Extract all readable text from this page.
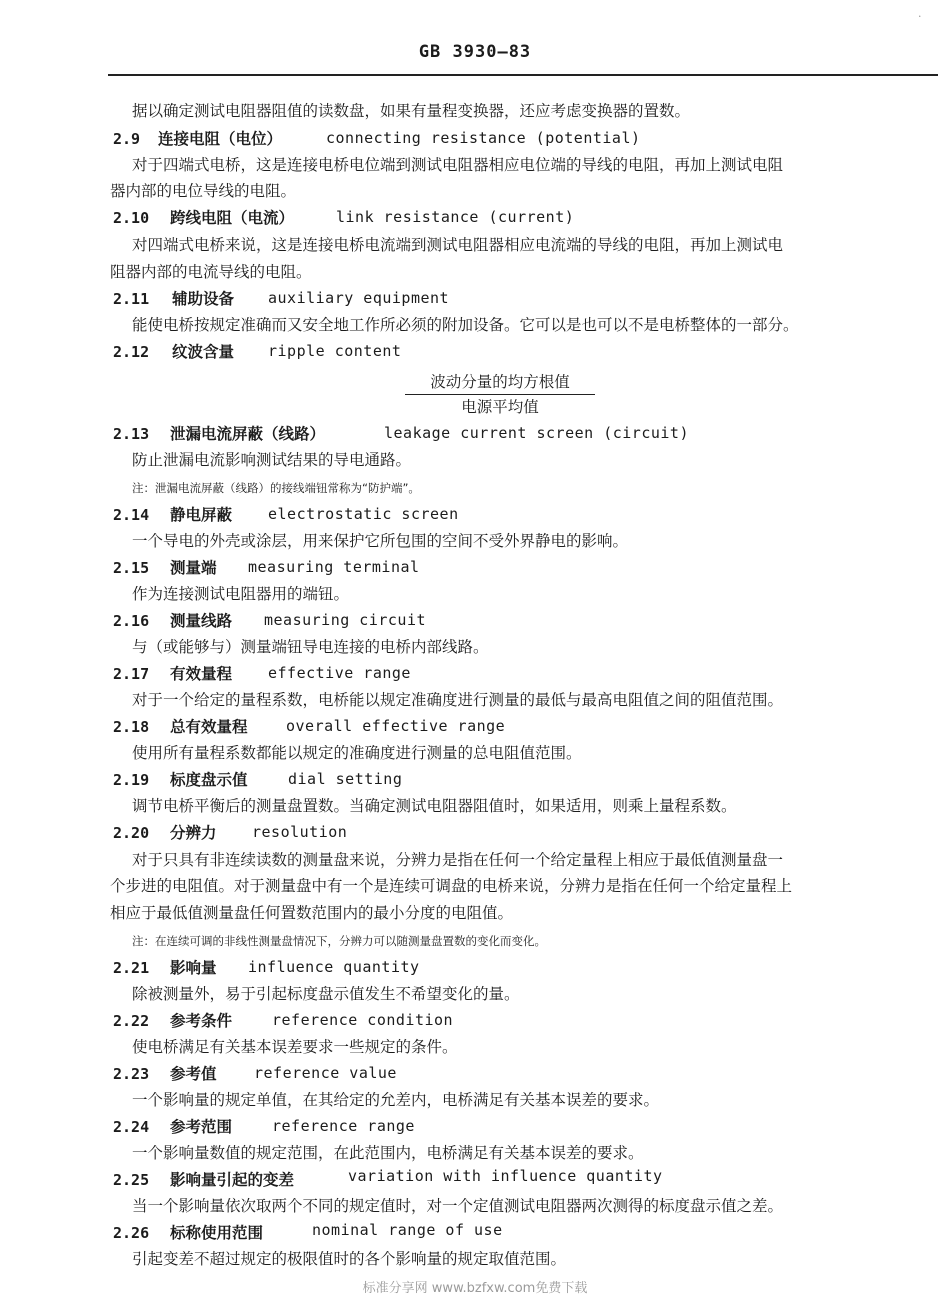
·
GB 3930—83
据以确定测试电阻器阻值的读数盘，如果有量程变换器，还应考虑变换器的置数。
2.9 连接电阻（电位）	connecting resistance (potential)
对于四端式电桥，这是连接电桥电位端到测试电阻器相应电位端的导线的电阻，再加上测试电阻
器内部的电位导线的电阻。
2.10 跨线电阻（电流）	link resistance (current)
对四端式电桥来说，这是连接电桥电流端到测试电阻器相应电流端的导线的电阻，再加上测试电
阻器内部的电流导线的电阻。
2.11 辅助设备 auxiliary equipment
能使电桥按规定准确而又安全地工作所必须的附加设备。它可以是也可以不是电桥整体的一部分。
2.12 纹波含量 ripple content
波动分量的均方根值
电源平均值
2.13 泄漏电流屏蔽（线路）	leakage current screen (circuit)
防止泄漏电流影响测试结果的导电通路。
注：泄漏电流屏蔽（线路）的接线端钮常称为“防护端”。
2.14 静电屏蔽 electrostatic screen
一个导电的外壳或涂层，用来保护它所包围的空间不受外界静电的影响。
2.15 测量端 measuring terminal
作为连接测试电阻器用的端钮。
2.16 测量线路 measuring circuit
与（或能够与）测量端钮导电连接的电桥内部线路。
2.17 有效量程 effective range
对于一个给定的量程系数，电桥能以规定准确度进行测量的最低与最高电阻值之间的阻值范围。
2.18 总有效量程	overall effective range
使用所有量程系数都能以规定的准确度进行测量的总电阻值范围。
2.19 标度盘示值	dial setting
调节电桥平衡后的测量盘置数。当确定测试电阻器阻值时，如果适用，则乘上量程系数。
2.20 分辨力 resolution
对于只具有非连续读数的测量盘来说，分辨力是指在任何一个给定量程上相应于最低值测量盘一
个步进的电阻值。对于测量盘中有一个是连续可调盘的电桥来说，分辨力是指在任何一个给定量程上
相应于最低值测量盘任何置数范围内的最小分度的电阻值。
注：在连续可调的非线性测量盘情况下，分辨力可以随测量盘置数的变化而变化。
2.21 影响量 influence quantity
除被测量外，易于引起标度盘示值发生不希望变化的量。
2.22 参考条件	reference condition
使电桥满足有关基本误差要求一些规定的条件。
2.23 参考值 reference value
一个影响量的规定单值，在其给定的允差内，电桥满足有关基本误差的要求。
2.24 参考范围	reference range
一个影响量数值的规定范围，在此范围内，电桥满足有关基本误差的要求。
2.25 影响量引起的变差	variation with influence quantity
当一个影响量依次取两个不同的规定值时，对一个定值测试电阻器两次测得的标度盘示值之差。
2.26 标称使用范围	nominal range of use
引起变差不超过规定的极限值时的各个影响量的规定取值范围。
标准分享网 www.bzfxw.com免费下载
